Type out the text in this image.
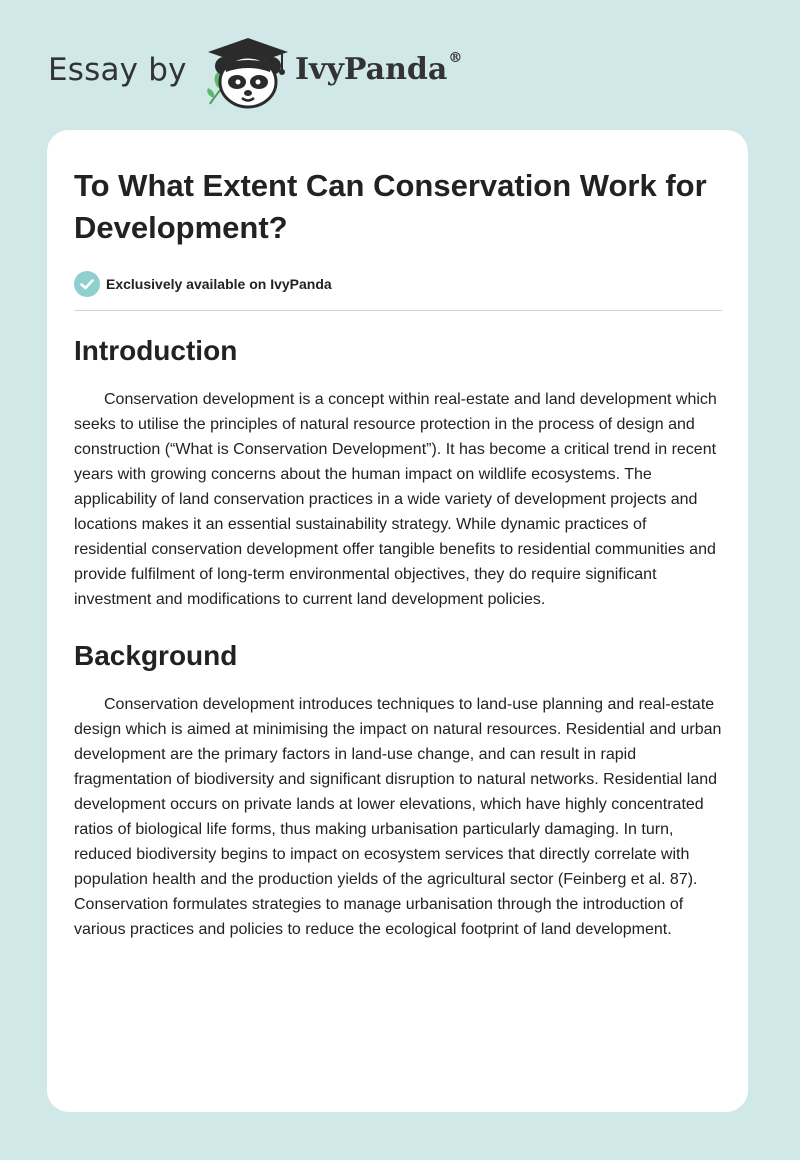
Essay by	IvyPanda®
To What Extent Can Conservation Work for Development?
Exclusively available on IvyPanda
Introduction

Conservation development is a concept within real-estate and land development which seeks to utilise the principles of natural resource protection in the process of design and construction (“What is Conservation Development”). It has become a critical trend in recent years with growing concerns about the human impact on wildlife ecosystems. The applicability of land conservation practices in a wide variety of development projects and locations makes it an essential sustainability strategy. While dynamic practices of residential conservation development offer tangible benefits to residential communities and provide fulfilment of long-term environmental objectives, they do require significant investment and modifications to current land development policies.

Background

Conservation development introduces techniques to land-use planning and real-estate design which is aimed at minimising the impact on natural resources. Residential and urban development are the primary factors in land-use change, and can result in rapid fragmentation of biodiversity and significant disruption to natural networks. Residential land development occurs on private lands at lower elevations, which have highly concentrated ratios of biological life forms, thus making urbanisation particularly damaging. In turn, reduced biodiversity begins to impact on ecosystem services that directly correlate with population health and the production yields of the agricultural sector (Feinberg et al. 87). Conservation formulates strategies to manage urbanisation through the introduction of various practices and policies to reduce the ecological footprint of land development.
